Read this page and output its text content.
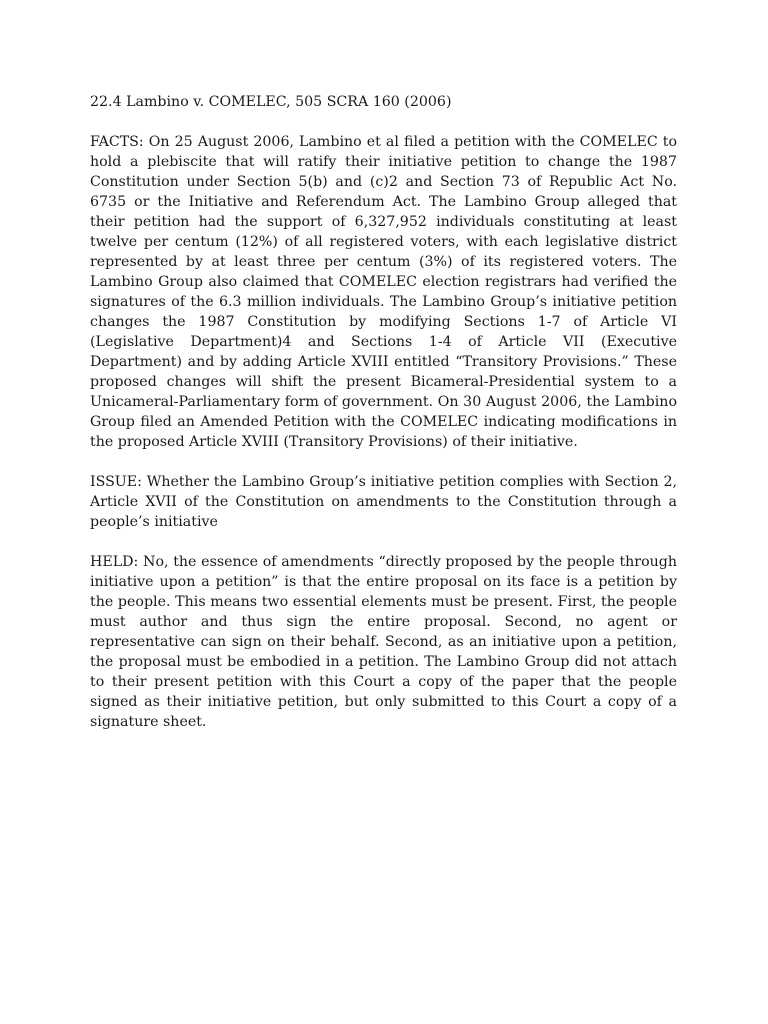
22.4 Lambino v. COMELEC, 505 SCRA 160 (2006)

FACTS: On 25 August 2006, Lambino et al filed a petition with the COMELEC to hold a plebiscite that will ratify their initiative petition to change the 1987 Constitution under Section 5(b) and (c)2 and Section 73 of Republic Act No. 6735 or the Initiative and Referendum Act. The Lambino Group alleged that their petition had the support of 6,327,952 individuals constituting at least twelve per centum (12%) of all registered voters, with each legislative district represented by at least three per centum (3%) of its registered voters. The Lambino Group also claimed that COMELEC election registrars had verified the signatures of the 6.3 million individuals. The Lambino Group’s initiative petition changes the 1987 Constitution by modifying Sections 1-7 of Article VI (Legislative Department)4 and Sections 1-4 of Article VII (Executive Department) and by adding Article XVIII entitled “Transitory Provisions.” These proposed changes will shift the present Bicameral-Presidential system to a Unicameral-Parliamentary form of government. On 30 August 2006, the Lambino Group filed an Amended Petition with the COMELEC indicating modifications in the proposed Article XVIII (Transitory Provisions) of their initiative.

ISSUE: Whether the Lambino Group’s initiative petition complies with Section 2, Article XVII of the Constitution on amendments to the Constitution through a people’s initiative

HELD: No, the essence of amendments “directly proposed by the people through initiative upon a petition” is that the entire proposal on its face is a petition by the people. This means two essential elements must be present. First, the people must author and thus sign the entire proposal. Second, no agent or representative can sign on their behalf. Second, as an initiative upon a petition, the proposal must be embodied in a petition. The Lambino Group did not attach to their present petition with this Court a copy of the paper that the people signed as their initiative petition, but only submitted to this Court a copy of a signature sheet.
